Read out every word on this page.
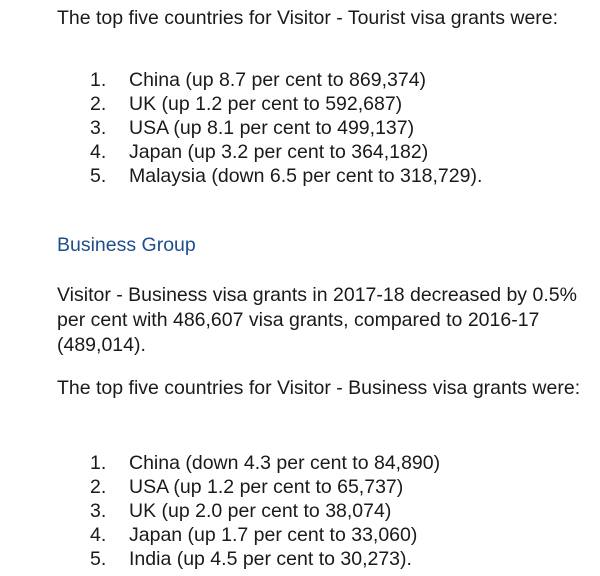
The top five countries for Visitor - Tourist visa grants were:

1. China (up 8.7 per cent to 869,374)
2. UK (up 1.2 per cent to 592,687)
3. USA (up 8.1 per cent to 499,137)
4. Japan (up 3.2 per cent to 364,182)
5. Malaysia (down 6.5 per cent to 318,729).
Business Group

Visitor - Business visa grants in 2017-18 decreased by 0.5% per cent with 486,607 visa grants, compared to 2016-17 (489,014).

The top five countries for Visitor - Business visa grants were:

1. China (down 4.3 per cent to 84,890)
2. USA (up 1.2 per cent to 65,737)
3. UK (up 2.0 per cent to 38,074)
4. Japan (up 1.7 per cent to 33,060)
5. India (up 4.5 per cent to 30,273).
